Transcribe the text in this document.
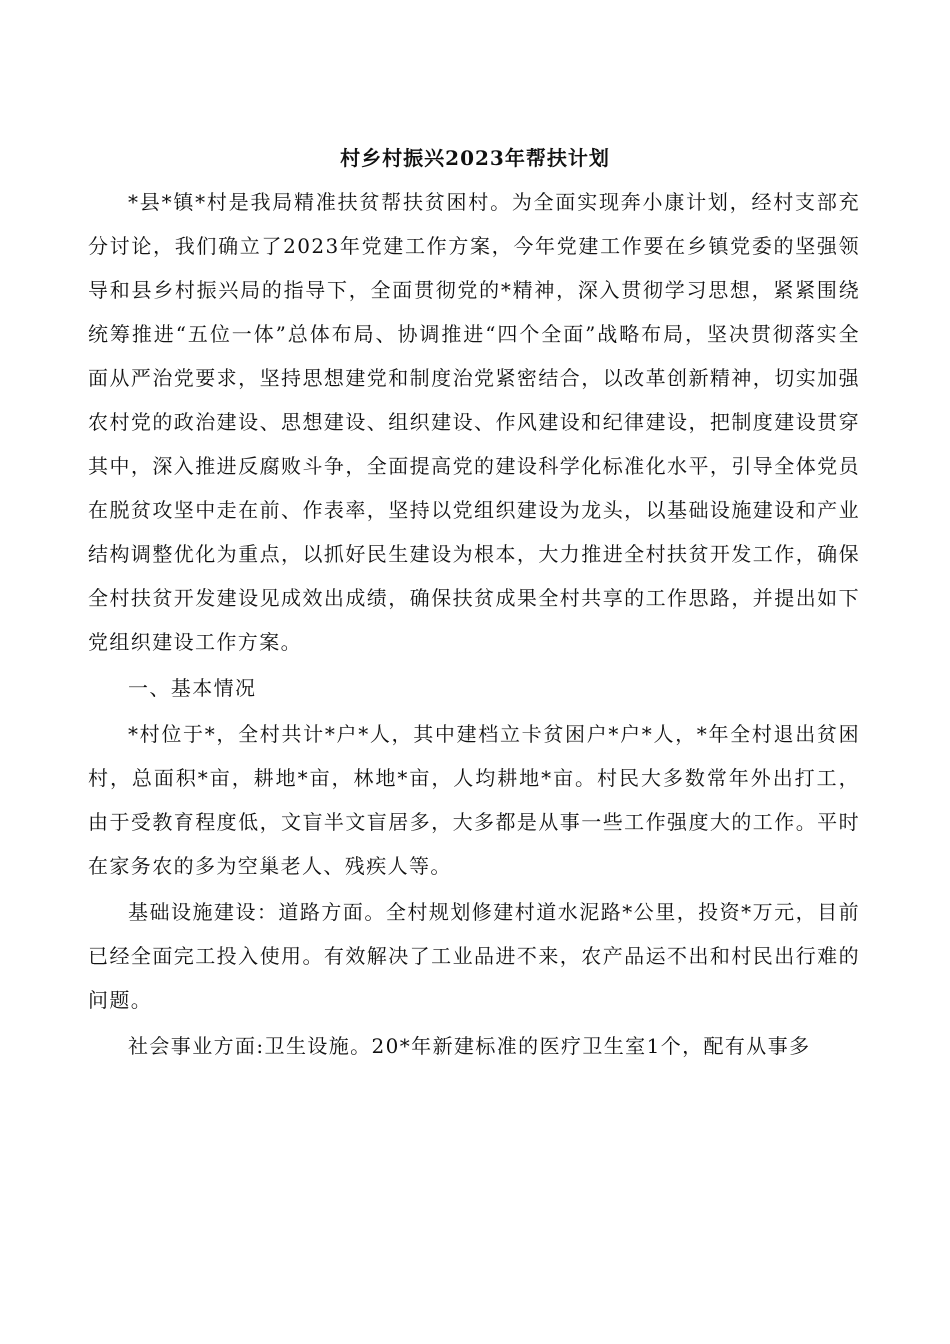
村乡村振兴2023年帮扶计划

*县*镇*村是我局精准扶贫帮扶贫困村。为全面实现奔小康计划，经村支部充分讨论，我们确立了2023年党建工作方案，今年党建工作要在乡镇党委的坚强领导和县乡村振兴局的指导下，全面贯彻党的*精神，深入贯彻学习思想，紧紧围绕统筹推进“五位一体”总体布局、协调推进“四个全面”战略布局，坚决贯彻落实全面从严治党要求，坚持思想建党和制度治党紧密结合，以改革创新精神，切实加强农村党的政治建设、思想建设、组织建设、作风建设和纪律建设，把制度建设贯穿其中，深入推进反腐败斗争，全面提高党的建设科学化标准化水平，引导全体党员在脱贫攻坚中走在前、作表率，坚持以党组织建设为龙头，以基础设施建设和产业结构调整优化为重点，以抓好民生建设为根本，大力推进全村扶贫开发工作，确保全村扶贫开发建设见成效出成绩，确保扶贫成果全村共享的工作思路，并提出如下党组织建设工作方案。

一、基本情况

*村位于*，全村共计*户*人，其中建档立卡贫困户*户*人，*年全村退出贫困村，总面积*亩，耕地*亩，林地*亩，人均耕地*亩。村民大多数常年外出打工，由于受教育程度低，文盲半文盲居多，大多都是从事一些工作强度大的工作。平时在家务农的多为空巢老人、残疾人等。

基础设施建设：道路方面。全村规划修建村道水泥路*公里，投资*万元，目前已经全面完工投入使用。有效解决了工业品进不来，农产品运不出和村民出行难的问题。

社会事业方面:卫生设施。20*年新建标准的医疗卫生室1个，配有从事多
